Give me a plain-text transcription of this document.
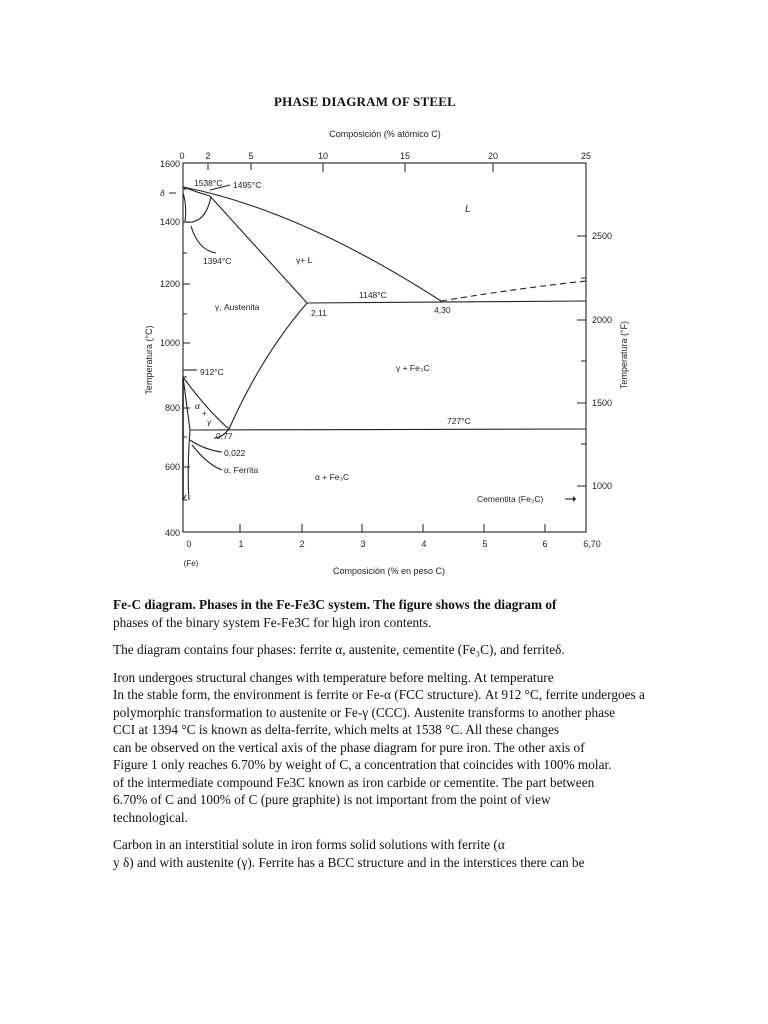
PHASE DIAGRAM OF STEEL
Composición (% atómico C)
0 2	5	10	15	20	25
Temperatura (°C)
1600
1400
1200
1000
800
600
400
Temperatura (°F)
2500
2000
1500
1000
0	1	2	3	4	5	6	6,70
(Fe)
Composición (% en peso C)
1538°C 1495°C
δ
L
1394°C	γ+ L
1148°C
γ, Austenita
2,11	4,30
912°C	γ + Fe₃C
α
+
γ	727°C
0,77
0,022
α, Ferrita
α + Fe₃C
Cementita (Fe₃C)

Fe-C diagram. Phases in the Fe-Fe3C system. The figure shows the diagram of
phases of the binary system Fe-Fe3C for high iron contents.

The diagram contains four phases: ferrite α, austenite, cementite (Fe₃C), and ferriteδ.

Iron undergoes structural changes with temperature before melting. At temperature
In the stable form, the environment is ferrite or Fe-α (FCC structure). At 912 °C, ferrite undergoes a
polymorphic transformation to austenite or Fe-γ (CCC). Austenite transforms to another phase
CCI at 1394 °C is known as delta-ferrite, which melts at 1538 °C. All these changes
can be observed on the vertical axis of the phase diagram for pure iron. The other axis of
Figure 1 only reaches 6.70% by weight of C, a concentration that coincides with 100% molar.
of the intermediate compound Fe3C known as iron carbide or cementite. The part between
6.70% of C and 100% of C (pure graphite) is not important from the point of view
technological.

Carbon in an interstitial solute in iron forms solid solutions with ferrite (α
y δ) and with austenite (γ). Ferrite has a BCC structure and in the interstices there can be
